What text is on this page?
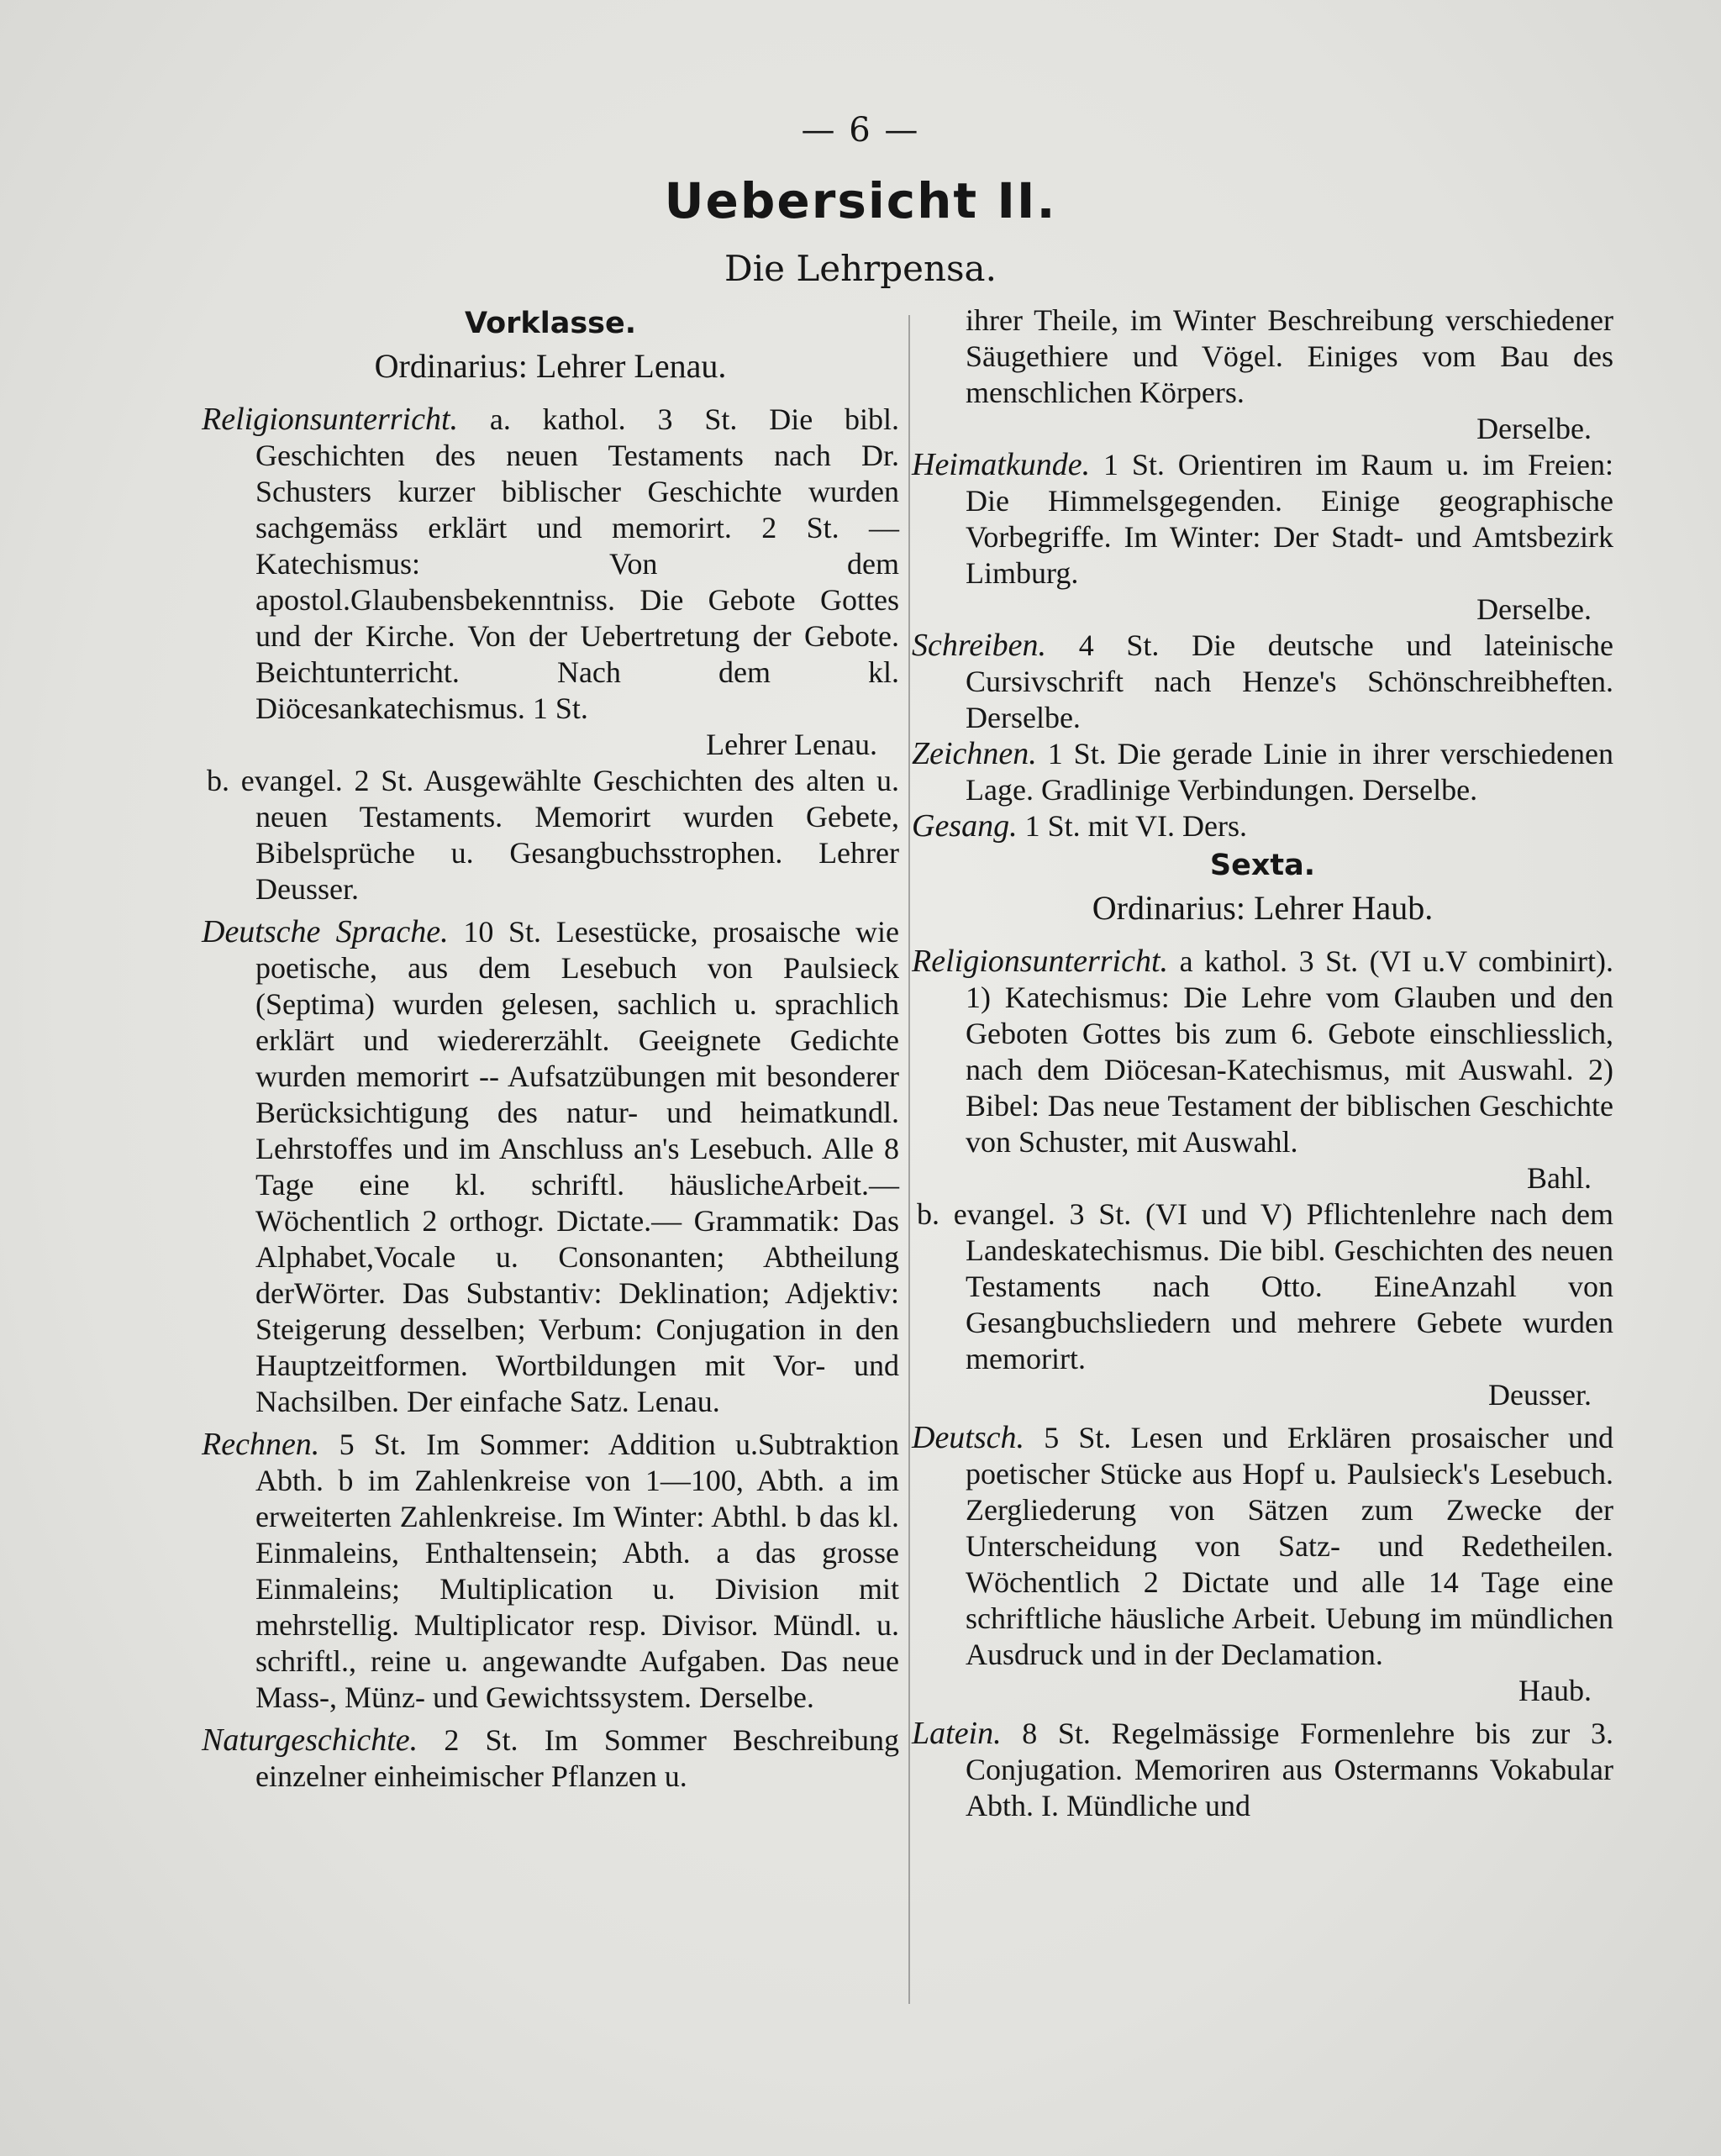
— 6 —
Uebersicht II.
Die Lehrpensa.
Vorklasse.
Ordinarius: Lehrer Lenau.

Religionsunterricht. a. kathol. 3 St. Die bibl. Geschichten des neuen Testaments nach Dr. Schusters kurzer biblischer Geschichte wurden sachgemäss erklärt und memorirt. 2 St. — Katechismus: Von dem apostol.Glaubensbekenntniss. Die Gebote Gottes und der Kirche. Von der Uebertretung der Gebote. Beichtunterricht. Nach dem kl. Diöcesankatechismus. 1 St.

Lehrer Lenau.

b. evangel. 2 St. Ausgewählte Geschichten des alten u. neuen Testaments. Memorirt wurden Gebete, Bibelsprüche u. Gesangbuchsstrophen. Lehrer Deusser.

Deutsche Sprache. 10 St. Lesestücke, prosaische wie poetische, aus dem Lesebuch von Paulsieck (Septima) wurden gelesen, sachlich u. sprachlich erklärt und wiedererzählt. Geeignete Gedichte wurden memorirt -- Aufsatzübungen mit besonderer Berücksichtigung des natur- und heimatkundl. Lehrstoffes und im Anschluss an's Lesebuch. Alle 8 Tage eine kl. schriftl. häuslicheArbeit.—Wöchentlich 2 orthogr. Dictate.— Grammatik: Das Alphabet,Vocale u. Consonanten; Abtheilung derWörter. Das Substantiv: Deklination; Adjektiv: Steigerung desselben; Verbum: Conjugation in den Hauptzeitformen. Wortbildungen mit Vor- und Nachsilben. Der einfache Satz. Lenau.

Rechnen. 5 St. Im Sommer: Addition u.Subtraktion Abth. b im Zahlenkreise von 1—100, Abth. a im erweiterten Zahlenkreise. Im Winter: Abthl. b das kl. Einmaleins, Enthaltensein; Abth. a das grosse Einmaleins; Multiplication u. Division mit mehrstellig. Multiplicator resp. Divisor. Mündl. u. schriftl., reine u. angewandte Aufgaben. Das neue Mass-, Münz- und Gewichtssystem. Derselbe.

Naturgeschichte. 2 St. Im Sommer Beschreibung einzelner einheimischer Pflanzen u.

ihrer Theile, im Winter Beschreibung verschiedener Säugethiere und Vögel. Einiges vom Bau des menschlichen Körpers.

Derselbe.

Heimatkunde. 1 St. Orientiren im Raum u. im Freien: Die Himmelsgegenden. Einige geographische Vorbegriffe. Im Winter: Der Stadt- und Amtsbezirk Limburg.

Derselbe.

Schreiben. 4 St. Die deutsche und lateinische Cursivschrift nach Henze's Schönschreibheften. Derselbe.

Zeichnen. 1 St. Die gerade Linie in ihrer verschiedenen Lage. Gradlinige Verbindungen. Derselbe.

Gesang. 1 St. mit VI. Ders.

Sexta.
Ordinarius: Lehrer Haub.

Religionsunterricht. a kathol. 3 St. (VI u.V combinirt). 1) Katechismus: Die Lehre vom Glauben und den Geboten Gottes bis zum 6. Gebote einschliesslich, nach dem Diöcesan-Katechismus, mit Auswahl. 2) Bibel: Das neue Testament der biblischen Geschichte von Schuster, mit Auswahl.

Bahl.

b. evangel. 3 St. (VI und V) Pflichtenlehre nach dem Landeskatechismus. Die bibl. Geschichten des neuen Testaments nach Otto. EineAnzahl von Gesangbuchsliedern und mehrere Gebete wurden memorirt.

Deusser.

Deutsch. 5 St. Lesen und Erklären prosaischer und poetischer Stücke aus Hopf u. Paulsieck's Lesebuch. Zergliederung von Sätzen zum Zwecke der Unterscheidung von Satz- und Redetheilen. Wöchentlich 2 Dictate und alle 14 Tage eine schriftliche häusliche Arbeit. Uebung im mündlichen Ausdruck und in der Declamation.

Haub.

Latein. 8 St. Regelmässige Formenlehre bis zur 3. Conjugation. Memoriren aus Ostermanns Vokabular Abth. I. Mündliche und
